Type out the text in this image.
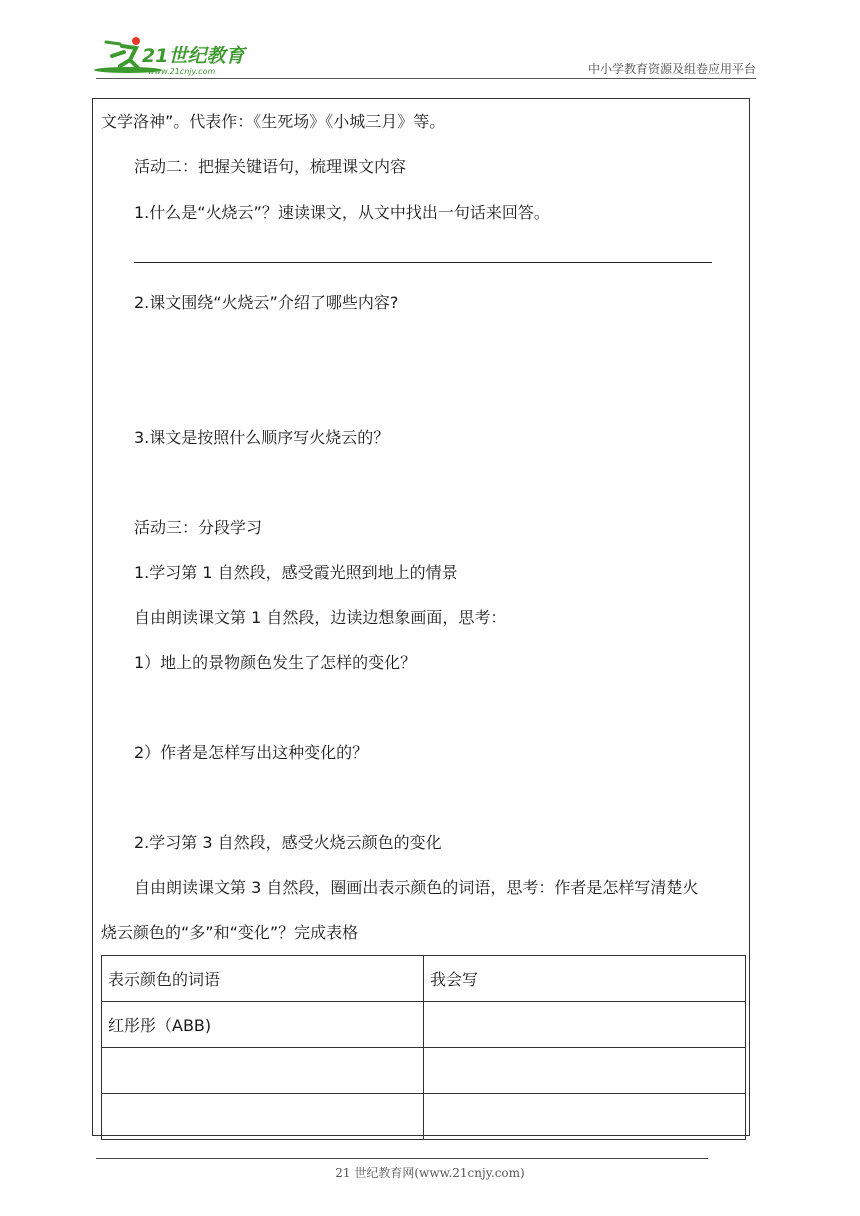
21世纪教育
www.21cnjy.com	中小学教育资源及组卷应用平台
文学洛神”。代表作：《生死场》《小城三月》等。
活动二：把握关键语句，梳理课文内容
1.什么是“火烧云”？速读课文，从文中找出一句话来回答。
2.课文围绕“火烧云”介绍了哪些内容?
3.课文是按照什么顺序写火烧云的？
活动三：分段学习
1.学习第 1 自然段，感受霞光照到地上的情景
自由朗读课文第 1 自然段，边读边想象画面，思考：
1）地上的景物颜色发生了怎样的变化？
2）作者是怎样写出这种变化的？
2.学习第 3 自然段，感受火烧云颜色的变化
自由朗读课文第 3 自然段，圈画出表示颜色的词语，思考：作者是怎样写清楚火
烧云颜色的“多”和“变化”？完成表格
表示颜色的词语	我会写
红彤彤（ABB)	

21 世纪教育网(www.21cnjy.com)
